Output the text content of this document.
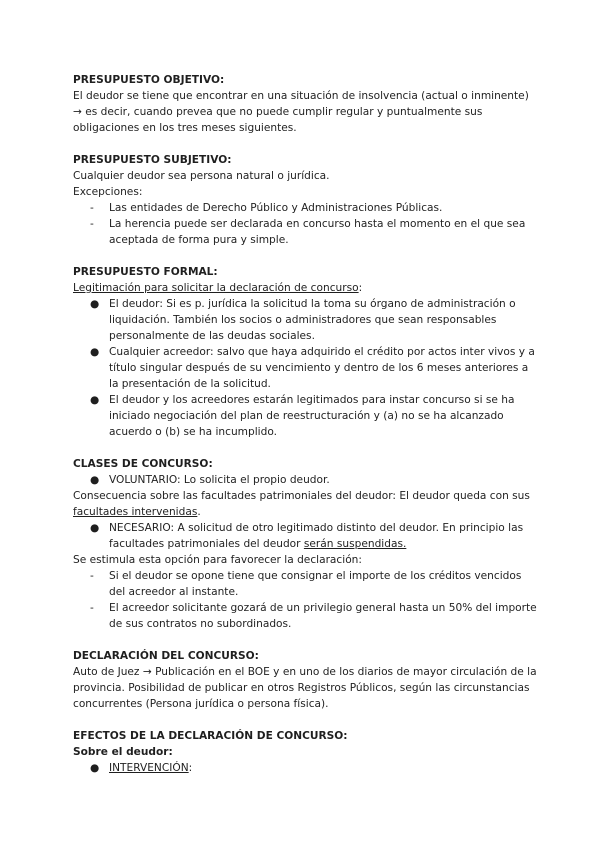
PRESUPUESTO OBJETIVO:
El deudor se tiene que encontrar en una situación de insolvencia (actual o inminente) → es decir, cuando prevea que no puede cumplir regular y puntualmente sus obligaciones en los tres meses siguientes.
PRESUPUESTO SUBJETIVO:
Cualquier deudor sea persona natural o jurídica.
Excepciones:
-	Las entidades de Derecho Público y Administraciones Públicas.
-	La herencia puede ser declarada en concurso hasta el momento en el que sea aceptada de forma pura y simple.
PRESUPUESTO FORMAL:
Legitimación para solicitar la declaración de concurso:
● El deudor: Si es p. jurídica la solicitud la toma su órgano de administración o liquidación. También los socios o administradores que sean responsables personalmente de las deudas sociales.
● Cualquier acreedor: salvo que haya adquirido el crédito por actos inter vivos y a título singular después de su vencimiento y dentro de los 6 meses anteriores a la presentación de la solicitud.
● El deudor y los acreedores estarán legitimados para instar concurso si se ha iniciado negociación del plan de reestructuración y (a) no se ha alcanzado acuerdo o (b) se ha incumplido.
CLASES DE CONCURSO:
● VOLUNTARIO: Lo solicita el propio deudor.
Consecuencia sobre las facultades patrimoniales del deudor: El deudor queda con sus facultades intervenidas.
● NECESARIO: A solicitud de otro legitimado distinto del deudor. En principio las facultades patrimoniales del deudor serán suspendidas.
Se estimula esta opción para favorecer la declaración:
-	Si el deudor se opone tiene que consignar el importe de los créditos vencidos del acreedor al instante.
-	El acreedor solicitante gozará de un privilegio general hasta un 50% del importe de sus contratos no subordinados.
DECLARACIÓN DEL CONCURSO:
Auto de Juez → Publicación en el BOE y en uno de los diarios de mayor circulación de la provincia. Posibilidad de publicar en otros Registros Públicos, según las circunstancias concurrentes (Persona jurídica o persona física).
EFECTOS DE LA DECLARACIÓN DE CONCURSO:
Sobre el deudor:
● INTERVENCIÓN:
